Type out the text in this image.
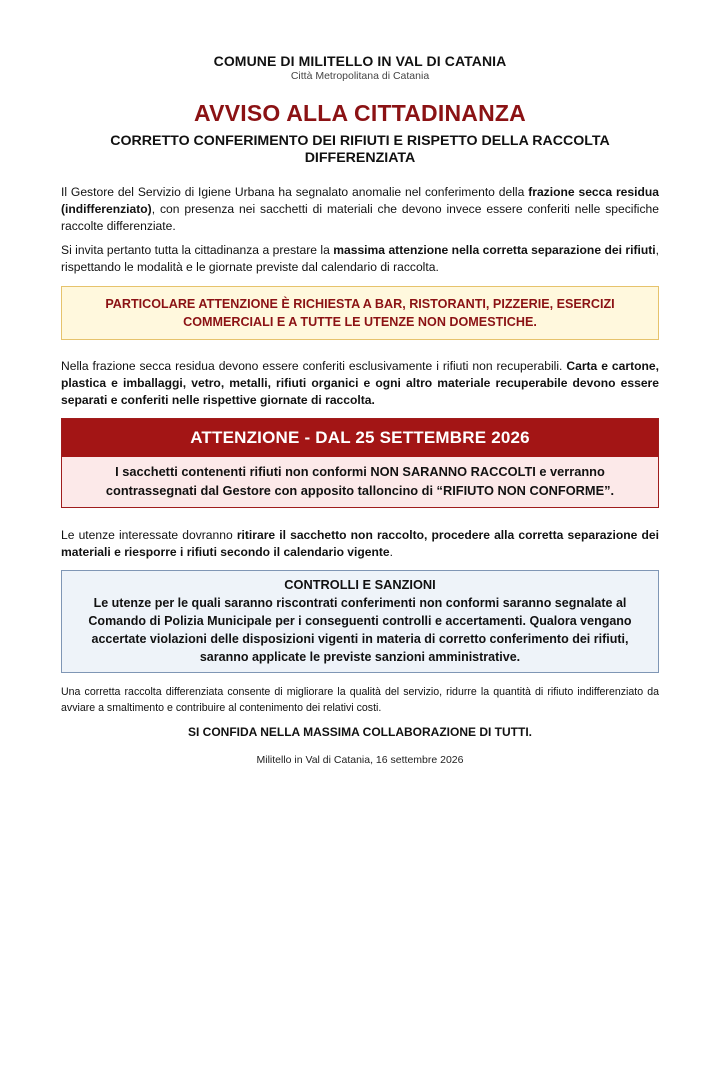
COMUNE DI MILITELLO IN VAL DI CATANIA
Città Metropolitana di Catania
AVVISO ALLA CITTADINANZA
CORRETTO CONFERIMENTO DEI RIFIUTI E RISPETTO DELLA RACCOLTA DIFFERENZIATA

Il Gestore del Servizio di Igiene Urbana ha segnalato anomalie nel conferimento della frazione secca residua (indifferenziato), con presenza nei sacchetti di materiali che devono invece essere conferiti nelle specifiche raccolte differenziate.

Si invita pertanto tutta la cittadinanza a prestare la massima attenzione nella corretta separazione dei rifiuti, rispettando le modalità e le giornate previste dal calendario di raccolta.

PARTICOLARE ATTENZIONE È RICHIESTA A BAR, RISTORANTI, PIZZERIE, ESERCIZI COMMERCIALI E A TUTTE LE UTENZE NON DOMESTICHE.

Nella frazione secca residua devono essere conferiti esclusivamente i rifiuti non recuperabili. Carta e cartone, plastica e imballaggi, vetro, metalli, rifiuti organici e ogni altro materiale recuperabile devono essere separati e conferiti nelle rispettive giornate di raccolta.

ATTENZIONE - DAL 25 SETTEMBRE 2026
I sacchetti contenenti rifiuti non conformi NON SARANNO RACCOLTI e verranno contrassegnati dal Gestore con apposito talloncino di “RIFIUTO NON CONFORME”.

Le utenze interessate dovranno ritirare il sacchetto non raccolto, procedere alla corretta separazione dei materiali e riesporre i rifiuti secondo il calendario vigente.

CONTROLLI E SANZIONI
Le utenze per le quali saranno riscontrati conferimenti non conformi saranno segnalate al Comando di Polizia Municipale per i conseguenti controlli e accertamenti. Qualora vengano accertate violazioni delle disposizioni vigenti in materia di corretto conferimento dei rifiuti, saranno applicate le previste sanzioni amministrative.

Una corretta raccolta differenziata consente di migliorare la qualità del servizio, ridurre la quantità di rifiuto indifferenziato da avviare a smaltimento e contribuire al contenimento dei relativi costi.

SI CONFIDA NELLA MASSIMA COLLABORAZIONE DI TUTTI.
Militello in Val di Catania, 16 settembre 2026
